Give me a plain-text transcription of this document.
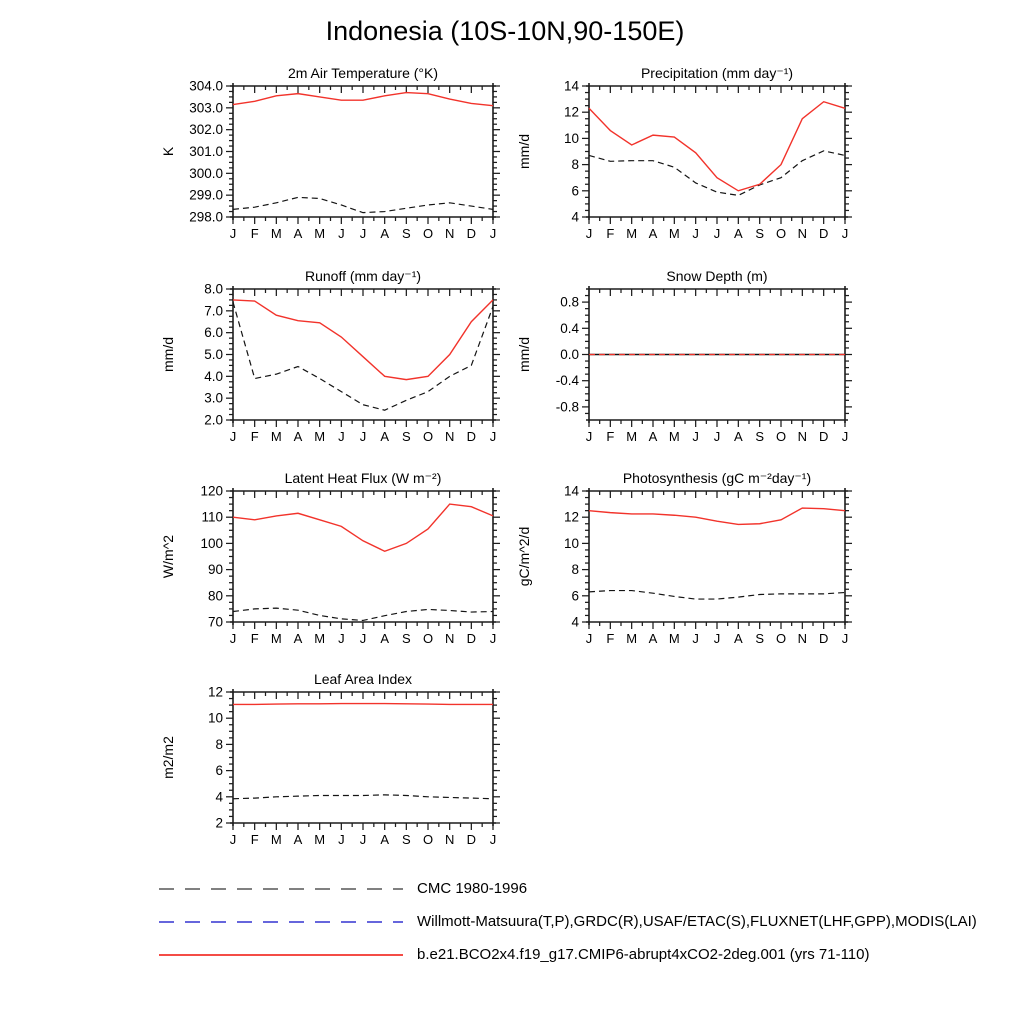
Indonesia (10S-10N,90-150E)
J F M A M J J A S O N D J
298.0
299.0
300.0
301.0
302.0
303.0
304.0
2m Air Temperature (°K)
K
J F M A M J J A S O N D J
4
6
8
10
12
14
Precipitation (mm day⁻¹)
mm/d
J F M A M J J A S O N D J
2.0
3.0
4.0
5.0
6.0
7.0
8.0
Runoff (mm day⁻¹)
mm/d
J F M A M J J A S O N D J
-0.8
-0.4
0.0
0.4
0.8
Snow Depth (m)
mm/d
J F M A M J J A S O N D J
70
80
90
100
110
120
Latent Heat Flux (W m⁻²)
W/m^2
J F M A M J J A S O N D J
4
6
8
10
12
14
Photosynthesis (gC m⁻²day⁻¹)
gC/m^2/d
J F M A M J J A S O N D J
2
4
6
8
10
12
Leaf Area Index
m2/m2
CMC 1980-1996
Willmott-Matsuura(T,P),GRDC(R),USAF/ETAC(S),FLUXNET(LHF,GPP),MODIS(LAI)
b.e21.BCO2x4.f19_g17.CMIP6-abrupt4xCO2-2deg.001 (yrs 71-110)
